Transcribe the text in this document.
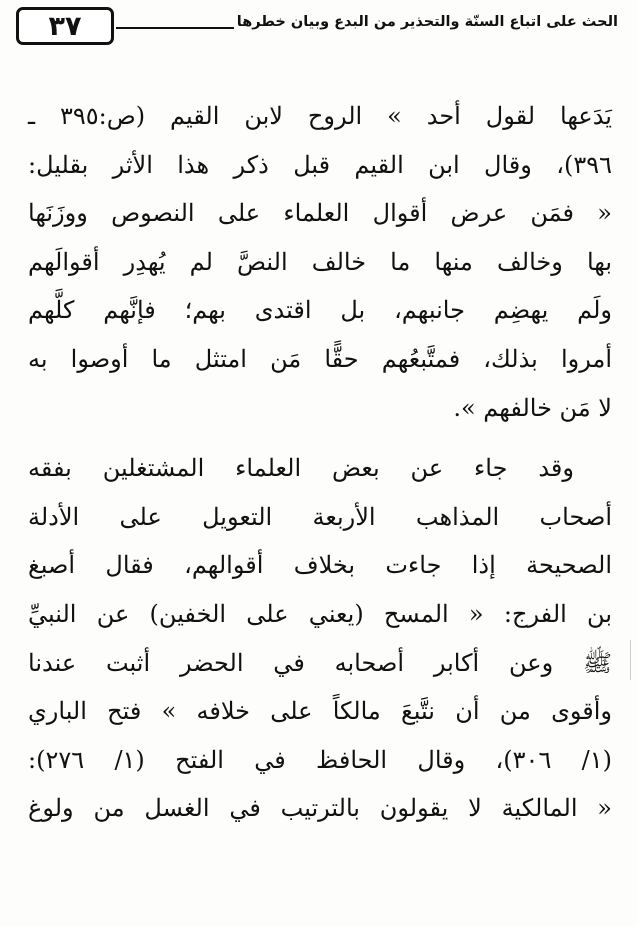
٣٧	الحث على اتباع السنّة والتحذير من البدع وبيان خطرها
يَدَعها لقول أحد » الروح لابن القيم (ص:٣٩٥ ـ
٣٩٦)، وقال ابن القيم قبل ذكر هذا الأثر بقليل:
« فمَن عرض أقوال العلماء على النصوص ووزَنَها
بها وخالف منها ما خالف النصَّ لم يُهدِر أقوالَهم
ولَم يهضِم جانبهم، بل اقتدى بهم؛ فإنَّهم كلَّهم
أمروا بذلك، فمتَّبعُهم حقًّا مَن امتثل ما أوصوا به
لا مَن خالفهم ».
وقد جاء عن بعض العلماء المشتغلين بفقه
أصحاب المذاهب الأربعة التعويل على الأدلة
الصحيحة إذا جاءت بخلاف أقوالهم، فقال أصبغ
بن الفرج: « المسح (يعني على الخفين) عن النبيِّ
ﷺ وعن أكابر أصحابه في الحضر أثبت عندنا
وأقوى من أن نتَّبعَ مالكاً على خلافه » فتح الباري
(١/ ٣٠٦)، وقال الحافظ في الفتح (١/ ٢٧٦):
« المالكية لا يقولون بالترتيب في الغسل من ولوغ
